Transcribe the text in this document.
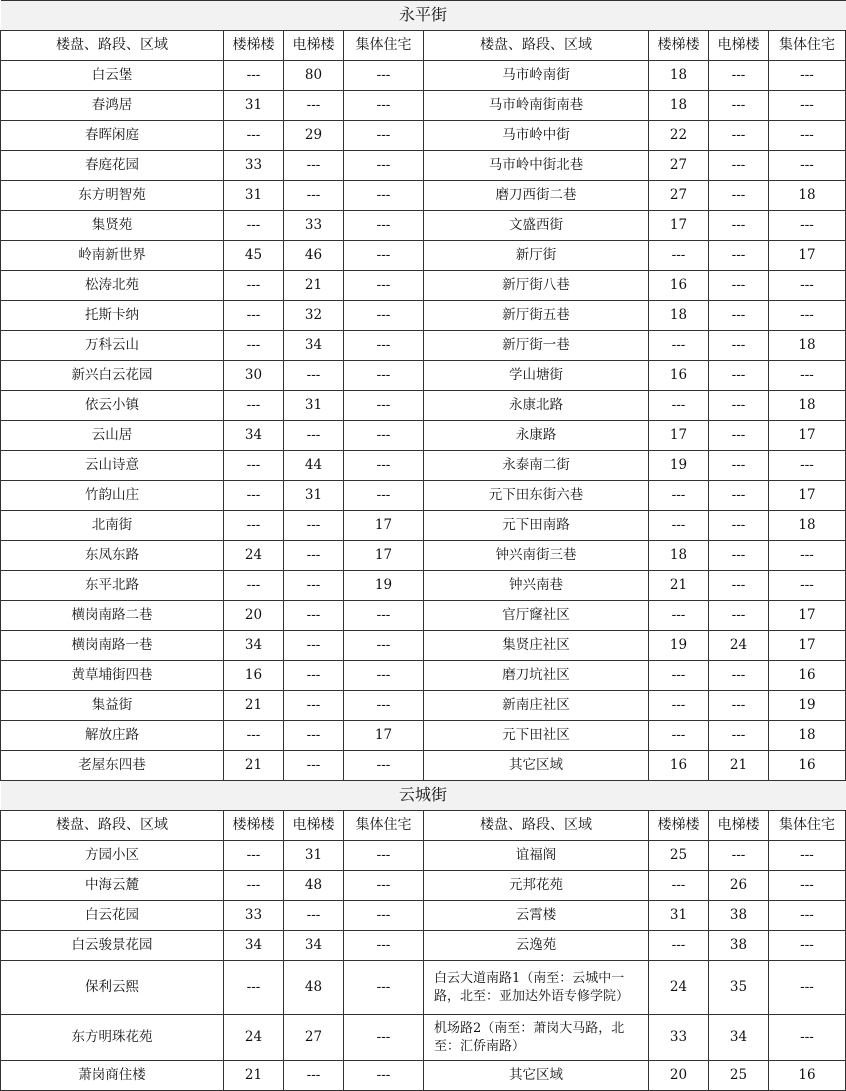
永平街							
楼盘、路段、区域	楼梯楼	电梯楼	集体住宅	楼盘、路段、区域	楼梯楼	电梯楼	集体住宅
白云堡	---	80	---	马市岭南街	18	---	---
春鸿居	31	---	---	马市岭南街南巷	18	---	---
春晖闲庭	---	29	---	马市岭中街	22	---	---
春庭花园	33	---	---	马市岭中街北巷	27	---	---
东方明智苑	31	---	---	磨刀西街二巷	27	---	18
集贤苑	---	33	---	文盛西街	17	---	---
岭南新世界	45	46	---	新厅街	---	---	17
松涛北苑	---	21	---	新厅街八巷	16	---	---
托斯卡纳	---	32	---	新厅街五巷	18	---	---
万科云山	---	34	---	新厅街一巷	---	---	18
新兴白云花园	30	---	---	学山塘街	16	---	---
依云小镇	---	31	---	永康北路	---	---	18
云山居	34	---	---	永康路	17	---	17
云山诗意	---	44	---	永泰南二街	19	---	---
竹韵山庄	---	31	---	元下田东街六巷	---	---	17
北南街	---	---	17	元下田南路	---	---	18
东凤东路	24	---	17	钟兴南街三巷	18	---	---
东平北路	---	---	19	钟兴南巷	21	---	---
横岗南路二巷	20	---	---	官厅窿社区	---	---	17
横岗南路一巷	34	---	---	集贤庄社区	19	24	17
黄草埔街四巷	16	---	---	磨刀坑社区	---	---	16
集益街	21	---	---	新南庄社区	---	---	19
解放庄路	---	---	17	元下田社区	---	---	18
老屋东四巷	21	---	---	其它区域	16	21	16
云城街							
楼盘、路段、区域	楼梯楼	电梯楼	集体住宅	楼盘、路段、区域	楼梯楼	电梯楼	集体住宅
方园小区	---	31	---	谊福阁	25	---	---
中海云麓	---	48	---	元邦花苑	---	26	---
白云花园	33	---	---	云霄楼	31	38	---
白云骏景花园	34	34	---	云逸苑	---	38	---
保利云熙	---	48	---	白云大道南路1（南至：云城中一路，北至：亚加达外语专修学院）	24	35	---
东方明珠花苑	24	27	---	机场路2（南至：萧岗大马路，北至：汇侨南路）	33	34	---
萧岗商住楼	21	---	---	其它区域	20	25	16
